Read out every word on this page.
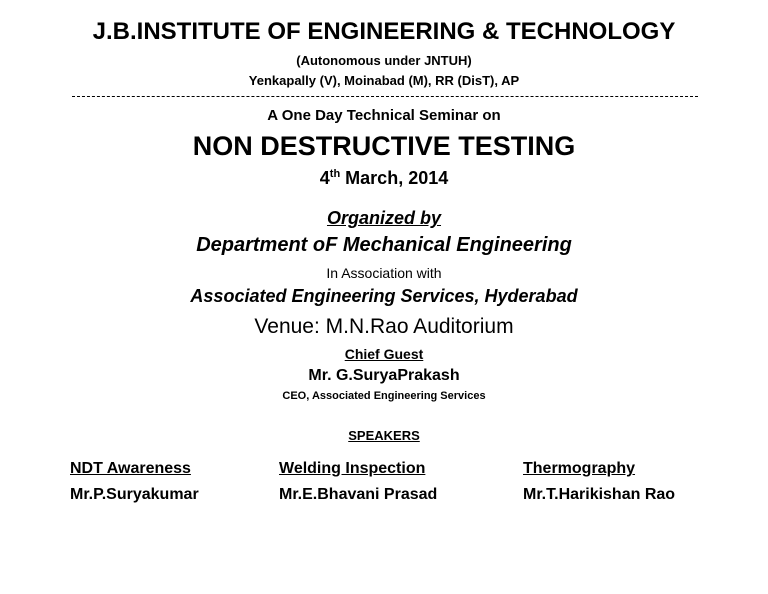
J.B.INSTITUTE OF ENGINEERING & TECHNOLOGY
(Autonomous under JNTUH)
Yenkapally (V), Moinabad (M), RR (DisT), AP
A One Day Technical Seminar on
NON DESTRUCTIVE TESTING
4th March, 2014
Organized by
Department oF Mechanical Engineering
In Association with
Associated Engineering Services, Hyderabad
Venue: M.N.Rao Auditorium
Chief Guest
Mr. G.SuryaPrakash
CEO, Associated Engineering Services
SPEAKERS
NDT Awareness
Mr.P.Suryakumar
Welding Inspection
Mr.E.Bhavani Prasad
Thermography
Mr.T.Harikishan Rao
